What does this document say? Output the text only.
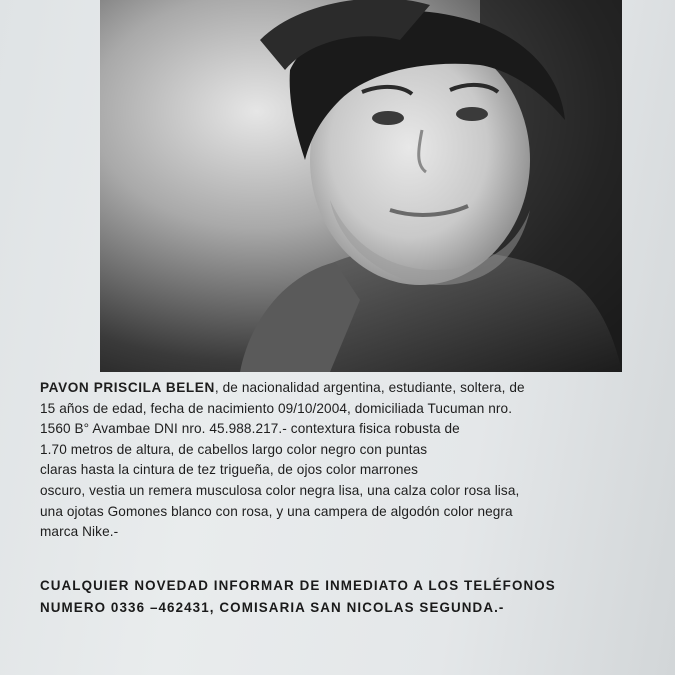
PAVON PRISCILA BELEN, de nacionalidad argentina, estudiante, soltera, de
15 años de edad, fecha de nacimiento 09/10/2004, domiciliada Tucuman nro.
1560 B° Avambae DNI nro. 45.988.217.- contextura fisica robusta de
1.70 metros de altura, de cabellos largo color negro con puntas
claras hasta la cintura de tez trigueña, de ojos color marrones
oscuro, vestia un remera musculosa color negra lisa, una calza color rosa lisa,
una ojotas Gomones blanco con rosa, y una campera de algodón color negra
marca Nike.-
CUALQUIER NOVEDAD INFORMAR DE INMEDIATO A LOS TELÉFONOS
NUMERO 0336 –462431, COMISARIA SAN NICOLAS SEGUNDA.-
